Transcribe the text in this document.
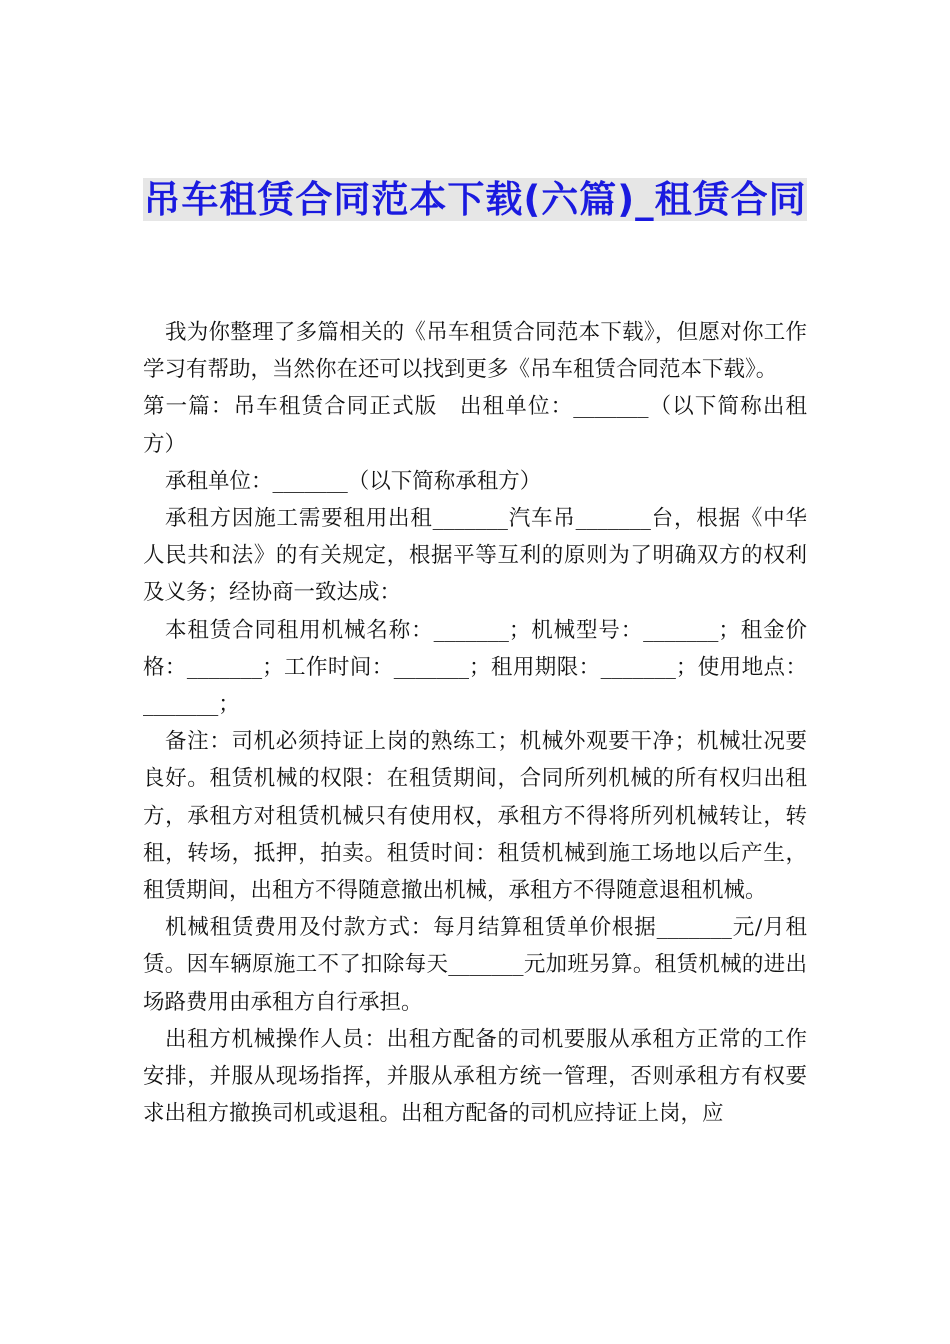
吊车租赁合同范本下载(六篇)_租赁合同

我为你整理了多篇相关的《吊车租赁合同范本下载》，但愿对你工作学习有帮助，当然你在还可以找到更多《吊车租赁合同范本下载》。

第一篇：吊车租赁合同正式版　出租单位：_______（以下简称出租方）

承租单位：_______（以下简称承租方）

承租方因施工需要租用出租_______汽车吊_______台，根据《中华人民共和法》的有关规定，根据平等互利的原则为了明确双方的权利及义务；经协商一致达成：

本租赁合同租用机械名称：_______；机械型号：_______；租金价格：_______；工作时间：_______；租用期限：_______；使用地点：_______；

备注：司机必须持证上岗的熟练工；机械外观要干净；机械壮况要良好。租赁机械的权限：在租赁期间，合同所列机械的所有权归出租方，承租方对租赁机械只有使用权，承租方不得将所列机械转让，转租，转场，抵押，拍卖。租赁时间：租赁机械到施工场地以后产生，租赁期间，出租方不得随意撤出机械，承租方不得随意退租机械。

机械租赁费用及付款方式：每月结算租赁单价根据_______元/月租赁。因车辆原施工不了扣除每天_______元加班另算。租赁机械的进出场路费用由承租方自行承担。

出租方机械操作人员：出租方配备的司机要服从承租方正常的工作安排，并服从现场指挥，并服从承租方统一管理，否则承租方有权要求出租方撤换司机或退租。出租方配备的司机应持证上岗，应
